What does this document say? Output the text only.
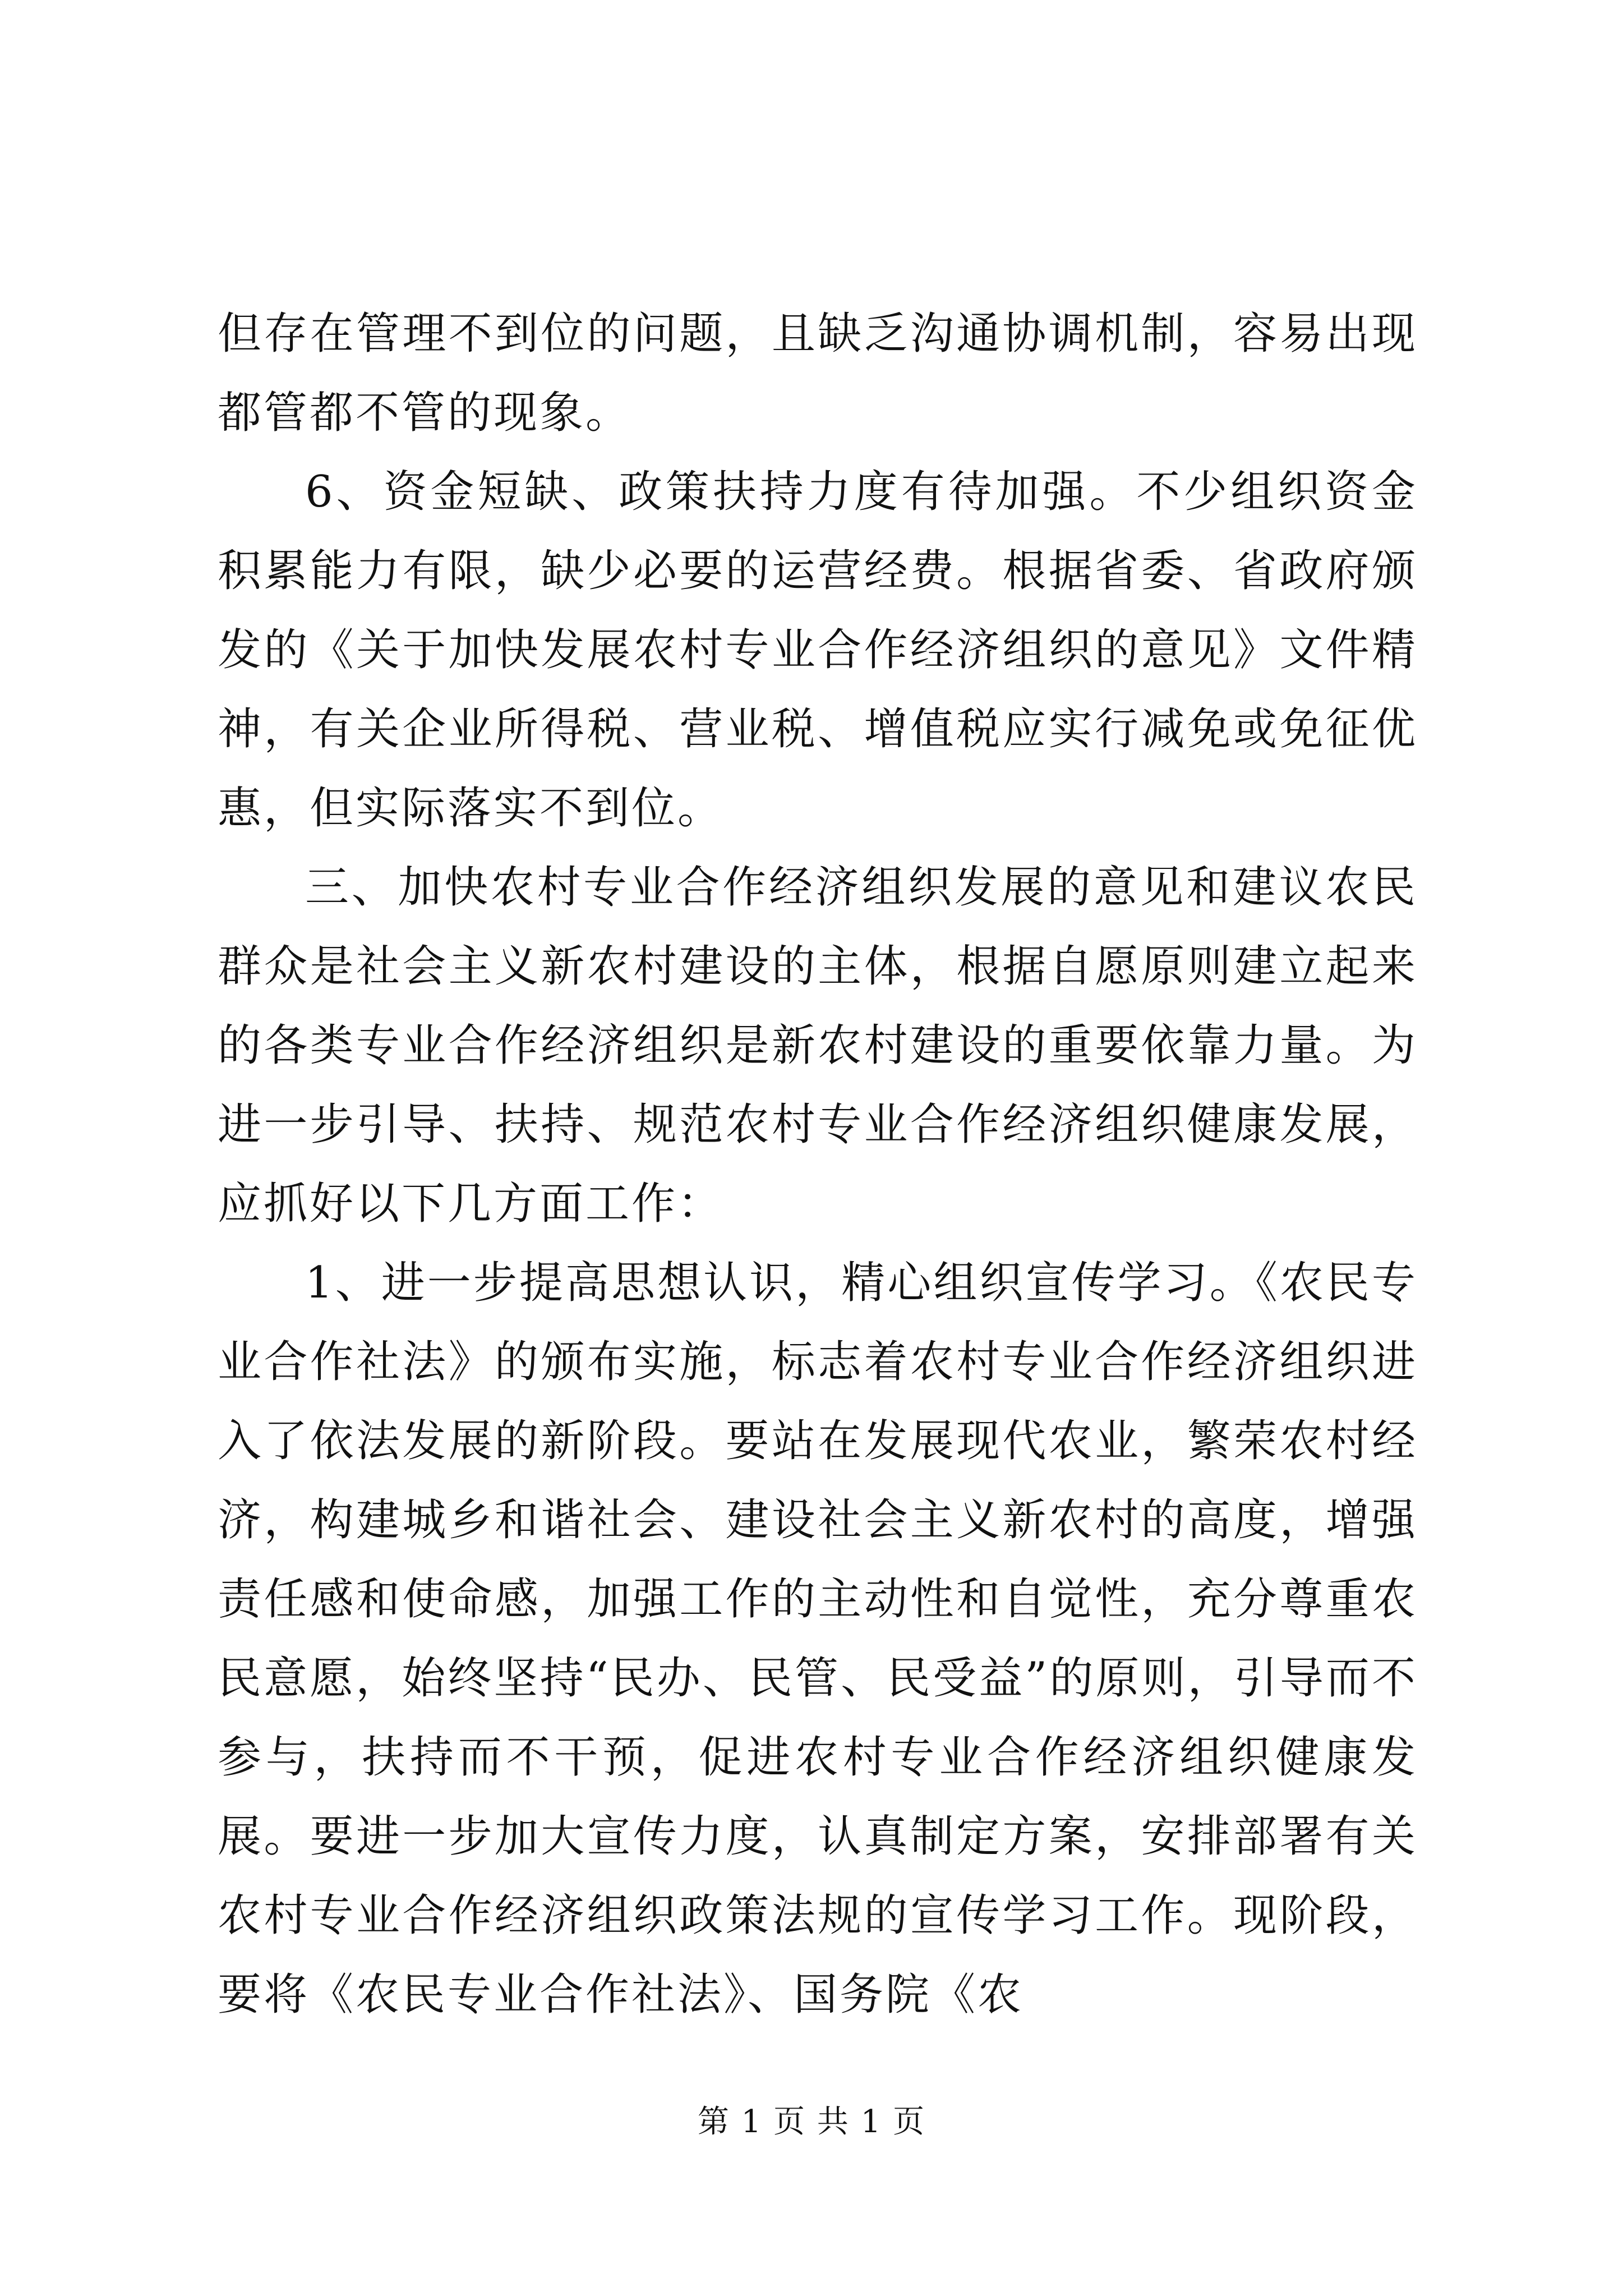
但存在管理不到位的问题，且缺乏沟通协调机制，容易出现都管都不管的现象。

6、资金短缺、政策扶持力度有待加强。不少组织资金积累能力有限，缺少必要的运营经费。根据省委、省政府颁发的《关于加快发展农村专业合作经济组织的意见》文件精神，有关企业所得税、营业税、增值税应实行减免或免征优惠，但实际落实不到位。

三、加快农村专业合作经济组织发展的意见和建议农民群众是社会主义新农村建设的主体，根据自愿原则建立起来的各类专业合作经济组织是新农村建设的重要依靠力量。为进一步引导、扶持、规范农村专业合作经济组织健康发展，应抓好以下几方面工作：

1、进一步提高思想认识，精心组织宣传学习。《农民专业合作社法》的颁布实施，标志着农村专业合作经济组织进入了依法发展的新阶段。要站在发展现代农业，繁荣农村经济，构建城乡和谐社会、建设社会主义新农村的高度，增强责任感和使命感，加强工作的主动性和自觉性，充分尊重农民意愿，始终坚持“民办、民管、民受益”的原则，引导而不参与，扶持而不干预，促进农村专业合作经济组织健康发展。要进一步加大宣传力度，认真制定方案，安排部署有关农村专业合作经济组织政策法规的宣传学习工作。现阶段，要将《农民专业合作社法》、国务院《农

第 1 页 共 1 页
